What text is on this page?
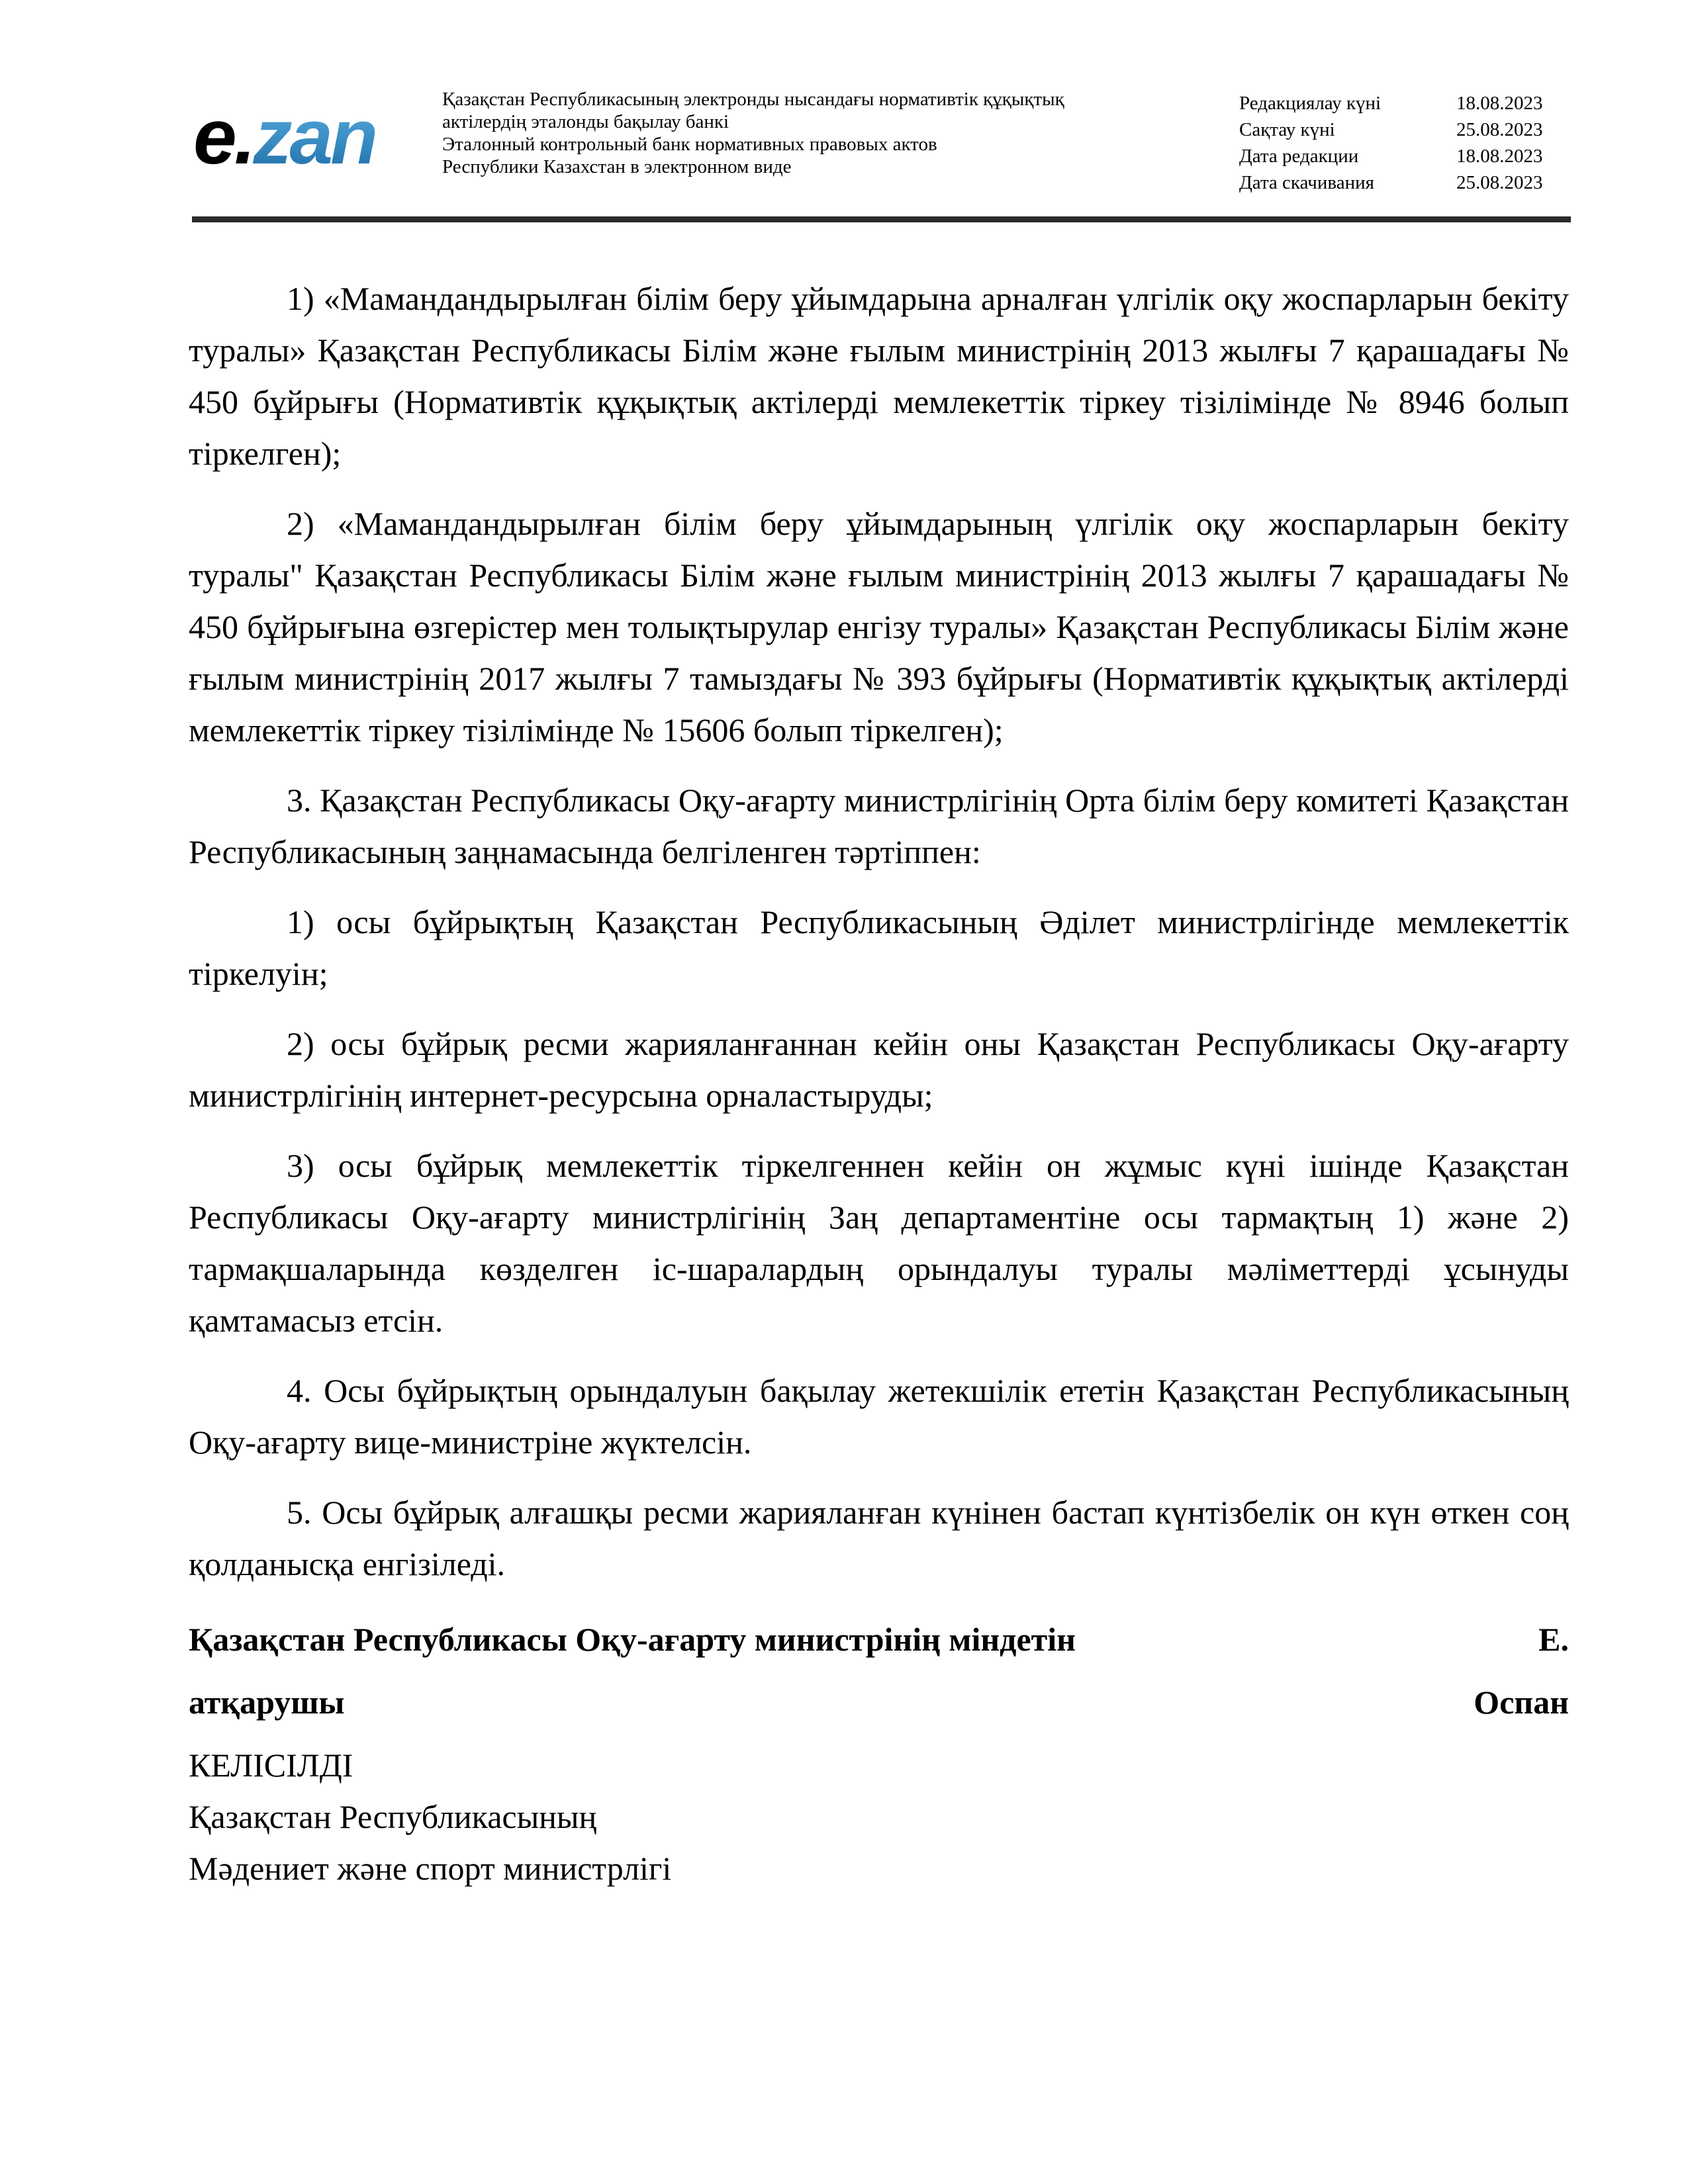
e.zan	Қазақстан Республикасының электронды нысандағы нормативтік құқықтық
актілердің эталонды бақылау банкі
Эталонный контрольный банк нормативных правовых актов
Республики Казахстан в электронном виде
Редакциялау күні	18.08.2023
Сақтау күні	25.08.2023
Дата редакции	18.08.2023
Дата скачивания	25.08.2023

1) «Мамандандырылған білім беру ұйымдарына арналған үлгілік оқу жоспарларын бекіту туралы» Қазақстан Республикасы Білім және ғылым министрінің 2013 жылғы 7 қарашадағы № 450 бұйрығы (Нормативтік құқықтық актілерді мемлекеттік тіркеу тізілімінде № 8946 болып тіркелген);

2) «Мамандандырылған білім беру ұйымдарының үлгілік оқу жоспарларын бекіту туралы" Қазақстан Республикасы Білім және ғылым министрінің 2013 жылғы 7 қарашадағы № 450 бұйрығына өзгерістер мен толықтырулар енгізу туралы» Қазақстан Республикасы Білім және ғылым министрінің 2017 жылғы 7 тамыздағы № 393 бұйрығы (Нормативтік құқықтық актілерді мемлекеттік тіркеу тізілімінде № 15606 болып тіркелген);

3. Қазақстан Республикасы Оқу-ағарту министрлігінің Орта білім беру комитеті Қазақстан Республикасының заңнамасында белгіленген тәртіппен:

1) осы бұйрықтың Қазақстан Республикасының Әділет министрлігінде мемлекеттік тіркелуін;

2) осы бұйрық ресми жарияланғаннан кейін оны Қазақстан Республикасы Оқу-ағарту министрлігінің интернет-ресурсына орналастыруды;

3) осы бұйрық мемлекеттік тіркелгеннен кейін он жұмыс күні ішінде Қазақстан Республикасы Оқу-ағарту министрлігінің Заң департаментіне осы тармақтың 1) және 2) тармақшаларында көзделген іс-шаралардың орындалуы туралы мәліметтерді ұсынуды қамтамасыз етсін.

4. Осы бұйрықтың орындалуын бақылау жетекшілік ететін Қазақстан Республикасының Оқу-ағарту вице-министріне жүктелсін.

5. Осы бұйрық алғашқы ресми жарияланған күнінен бастап күнтізбелік он күн өткен соң қолданысқа енгізіледі.

Қазақстан Республикасы Оқу-ағарту министрінің міндетін	Е.
атқарушы	Оспан
КЕЛІСІЛДІ
Қазақстан Республикасының
Мәдениет және спорт министрлігі
